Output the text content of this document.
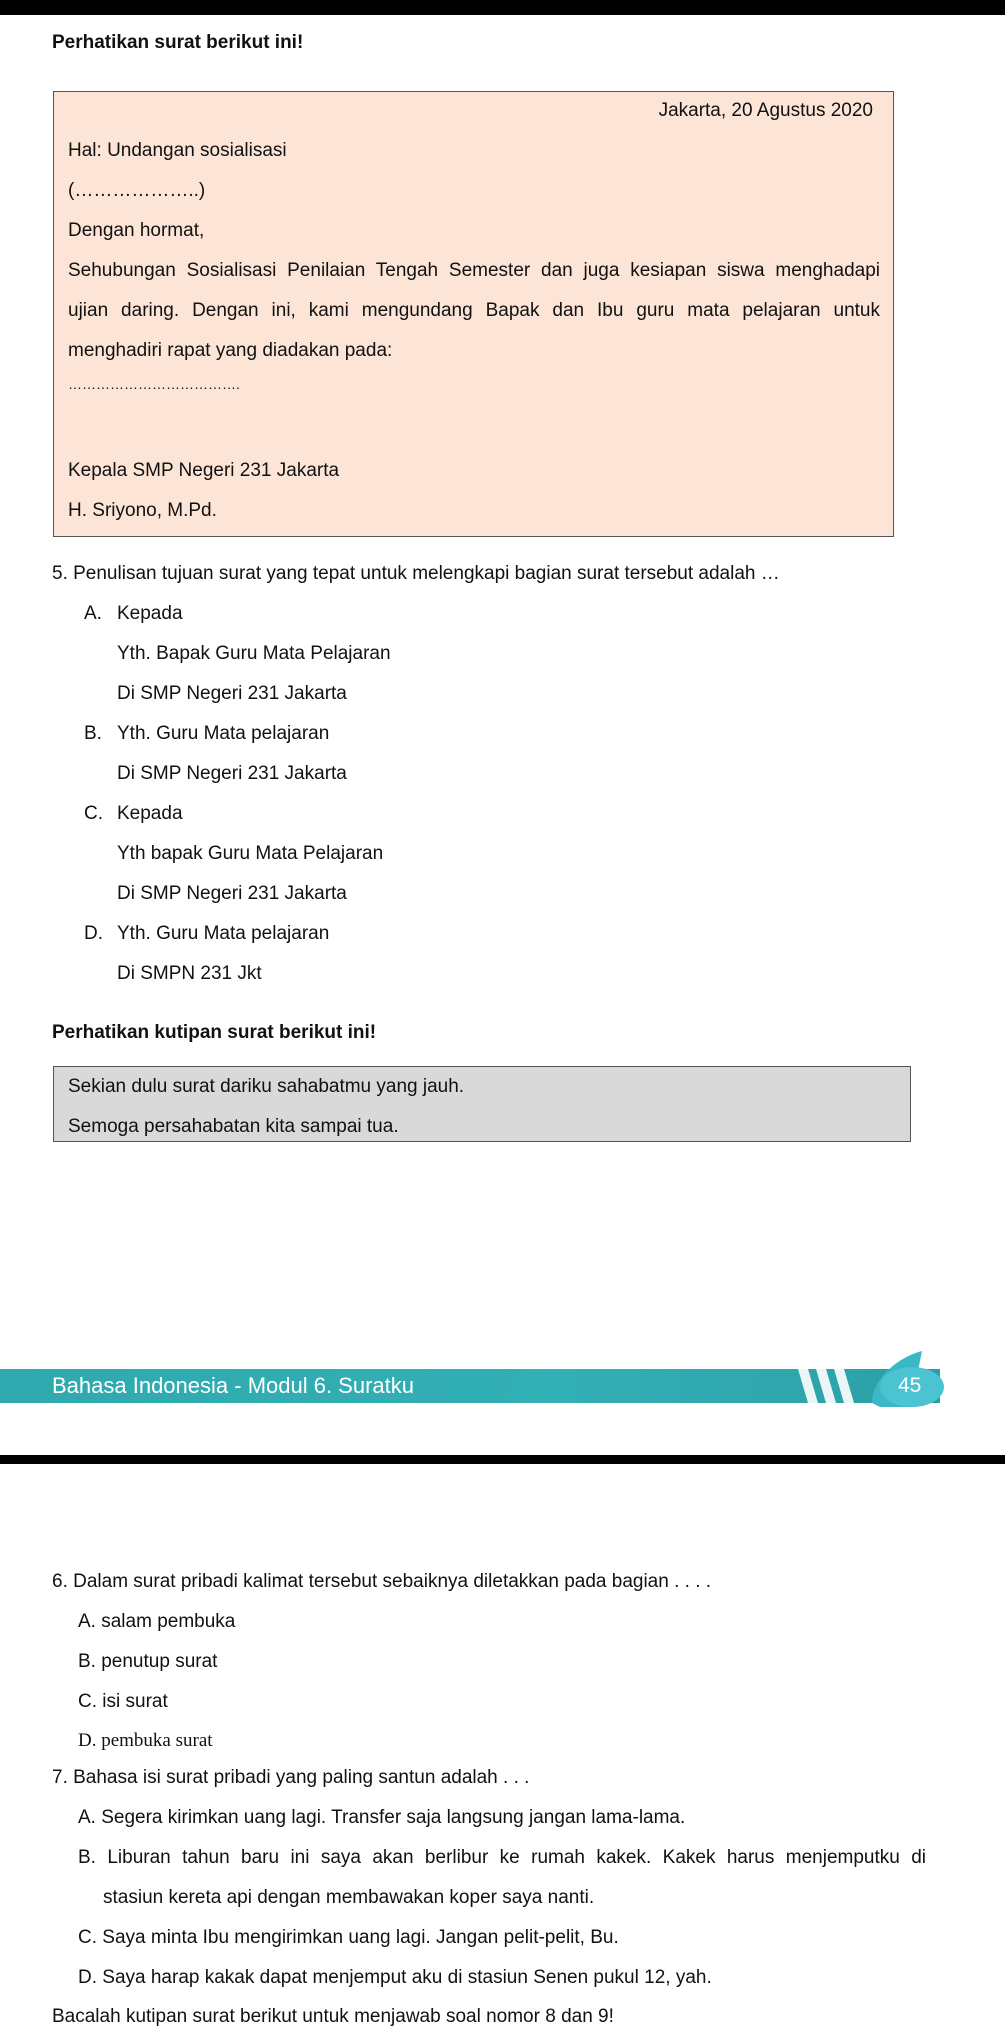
Perhatikan surat berikut ini!
Jakarta, 20 Agustus 2020
Hal: Undangan sosialisasi
(………………..)
Dengan hormat,
Sehubungan Sosialisasi Penilaian Tengah Semester dan juga kesiapan siswa menghadapi
ujian daring. Dengan ini, kami mengundang Bapak dan Ibu guru mata pelajaran untuk
menghadiri rapat yang diadakan pada:
……………………………….
Kepala SMP Negeri 231 Jakarta
H. Sriyono, M.Pd.
5. Penulisan tujuan surat yang tepat untuk melengkapi bagian surat tersebut adalah …
A. Kepada
Yth. Bapak Guru Mata Pelajaran
Di SMP Negeri 231 Jakarta
B. Yth. Guru Mata pelajaran
Di SMP Negeri 231 Jakarta
C. Kepada
Yth bapak Guru Mata Pelajaran
Di SMP Negeri 231 Jakarta
D. Yth. Guru Mata pelajaran
Di SMPN 231 Jkt
Perhatikan kutipan surat berikut ini!
Sekian dulu surat dariku sahabatmu yang jauh.
Semoga persahabatan kita sampai tua.
Bahasa Indonesia - Modul 6. Suratku	45
6. Dalam surat pribadi kalimat tersebut sebaiknya diletakkan pada bagian . . . .
A. salam pembuka
B. penutup surat
C. isi surat
D. pembuka surat
7. Bahasa isi surat pribadi yang paling santun adalah . . .
A. Segera kirimkan uang lagi. Transfer saja langsung jangan lama-lama.
B. Liburan tahun baru ini saya akan berlibur ke rumah kakek. Kakek harus menjemputku di
stasiun kereta api dengan membawakan koper saya nanti.
C. Saya minta Ibu mengirimkan uang lagi. Jangan pelit-pelit, Bu.
D. Saya harap kakak dapat menjemput aku di stasiun Senen pukul 12, yah.
Bacalah kutipan surat berikut untuk menjawab soal nomor 8 dan 9!
